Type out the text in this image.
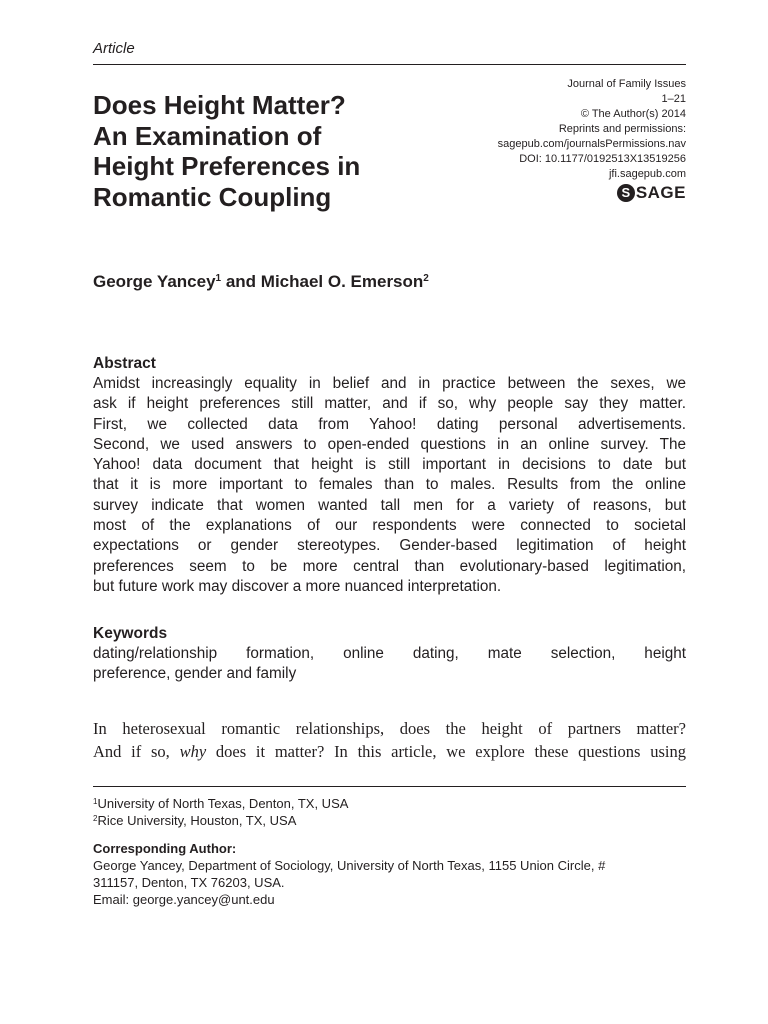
Article
Does Height Matter?
An Examination of
Height Preferences in
Romantic Coupling
Journal of Family Issues
1–21
© The Author(s) 2014
Reprints and permissions:
sagepub.com/journalsPermissions.nav
DOI: 10.1177/0192513X13519256
jfi.sagepub.com
S SAGE
George Yancey$^1$ and Michael O. Emerson$^2$
Abstract
Amidst increasingly equality in belief and in practice between the sexes, we
ask if height preferences still matter, and if so, why people say they matter.
First, we collected data from Yahoo! dating personal advertisements.
Second, we used answers to open-ended questions in an online survey. The
Yahoo! data document that height is still important in decisions to date but
that it is more important to females than to males. Results from the online
survey indicate that women wanted tall men for a variety of reasons, but
most of the explanations of our respondents were connected to societal
expectations or gender stereotypes. Gender-based legitimation of height
preferences seem to be more central than evolutionary-based legitimation,
but future work may discover a more nuanced interpretation.
Keywords
dating/relationship formation, online dating, mate selection, height
preference, gender and family
In heterosexual romantic relationships, does the height of partners matter?
And if so, why does it matter? In this article, we explore these questions using
$^1$University of North Texas, Denton, TX, USA
$^2$Rice University, Houston, TX, USA
Corresponding Author:
George Yancey, Department of Sociology, University of North Texas, 1155 Union Circle, #
311157, Denton, TX 76203, USA.
Email: george.yancey@unt.edu
